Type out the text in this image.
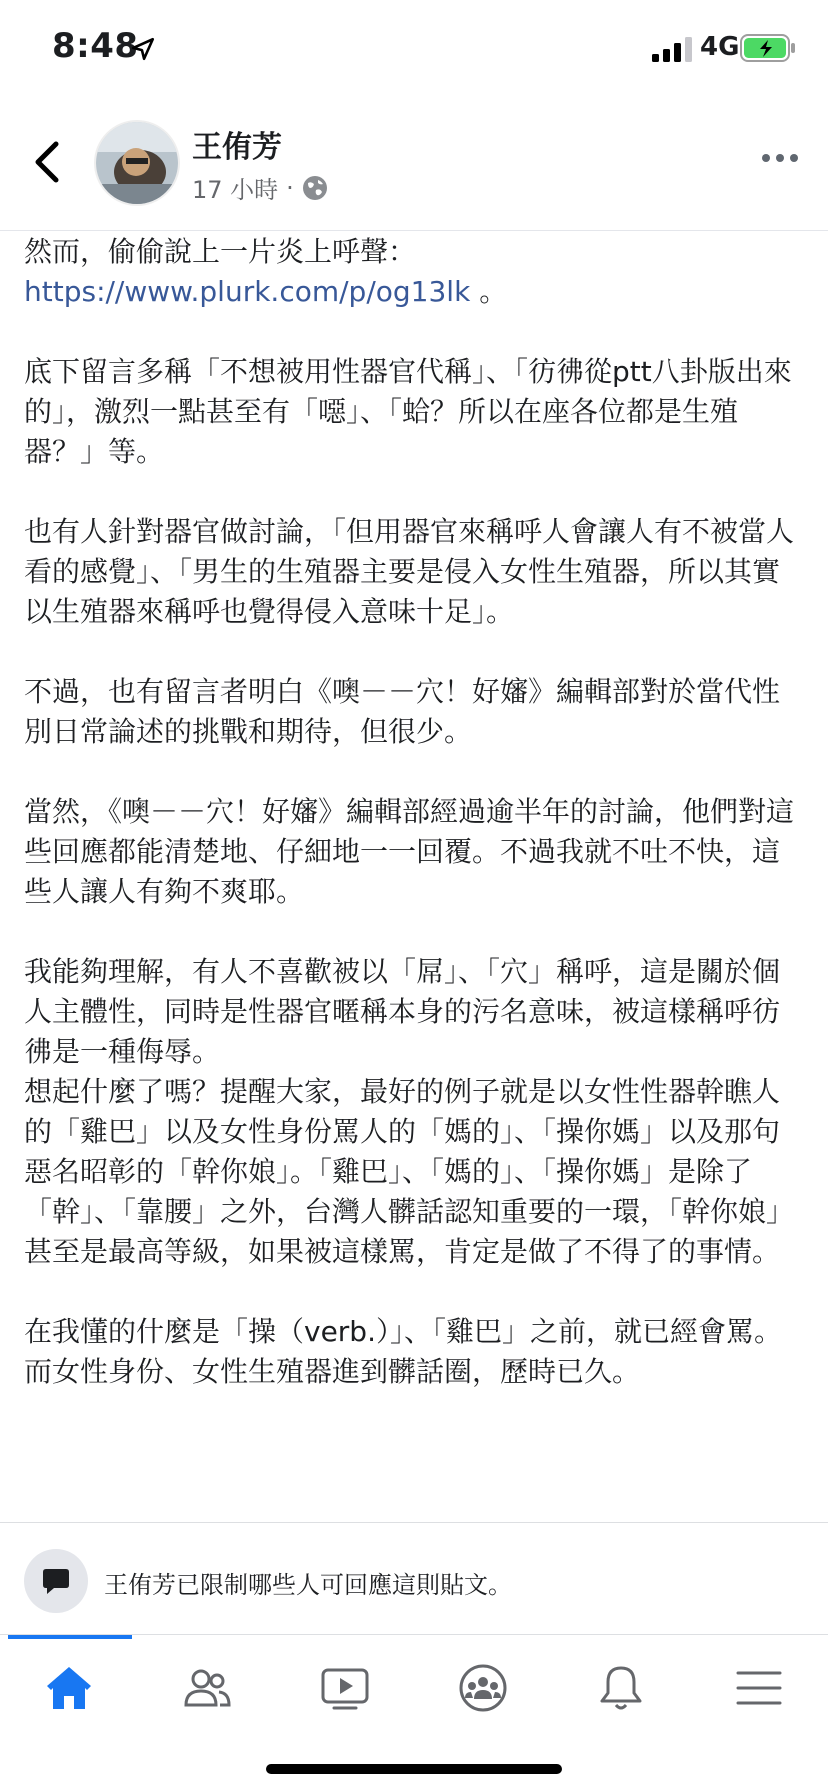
8:48	4G
王侑芳
17 小時 ·

然而，偷偷說上一片炎上呼聲：https://www.plurk.com/p/og13lk 。

底下留言多稱「不想被用性器官代稱」、「彷彿從ptt八卦版出來的」，激烈一點甚至有「噁」、「蛤？所以在座各位都是生殖器？」等。

也有人針對器官做討論，「但用器官來稱呼人會讓人有不被當人看的感覺」、「男生的生殖器主要是侵入女性生殖器，所以其實以生殖器來稱呼也覺得侵入意味十足」。

不過，也有留言者明白《噢－－穴！好嬸》編輯部對於當代性別日常論述的挑戰和期待，但很少。

當然，《噢－－穴！好嬸》編輯部經過逾半年的討論，他們對這些回應都能清楚地、仔細地一一回覆。不過我就不吐不快，這些人讓人有夠不爽耶。

我能夠理解，有人不喜歡被以「屌」、「穴」稱呼，這是關於個人主體性，同時是性器官暱稱本身的污名意味，被這樣稱呼彷彿是一種侮辱。

想起什麼了嗎？提醒大家，最好的例子就是以女性性器幹瞧人的「雞巴」以及女性身份罵人的「媽的」、「操你媽」以及那句惡名昭彰的「幹你娘」。「雞巴」、「媽的」、「操你媽」是除了「幹」、「靠腰」之外，台灣人髒話認知重要的一環，「幹你娘」甚至是最高等級，如果被這樣罵，肯定是做了不得了的事情。

在我懂的什麼是「操（verb.）」、「雞巴」之前，就已經會罵。

而女性身份、女性生殖器進到髒話圈，歷時已久。

王侑芳已限制哪些人可回應這則貼文。
